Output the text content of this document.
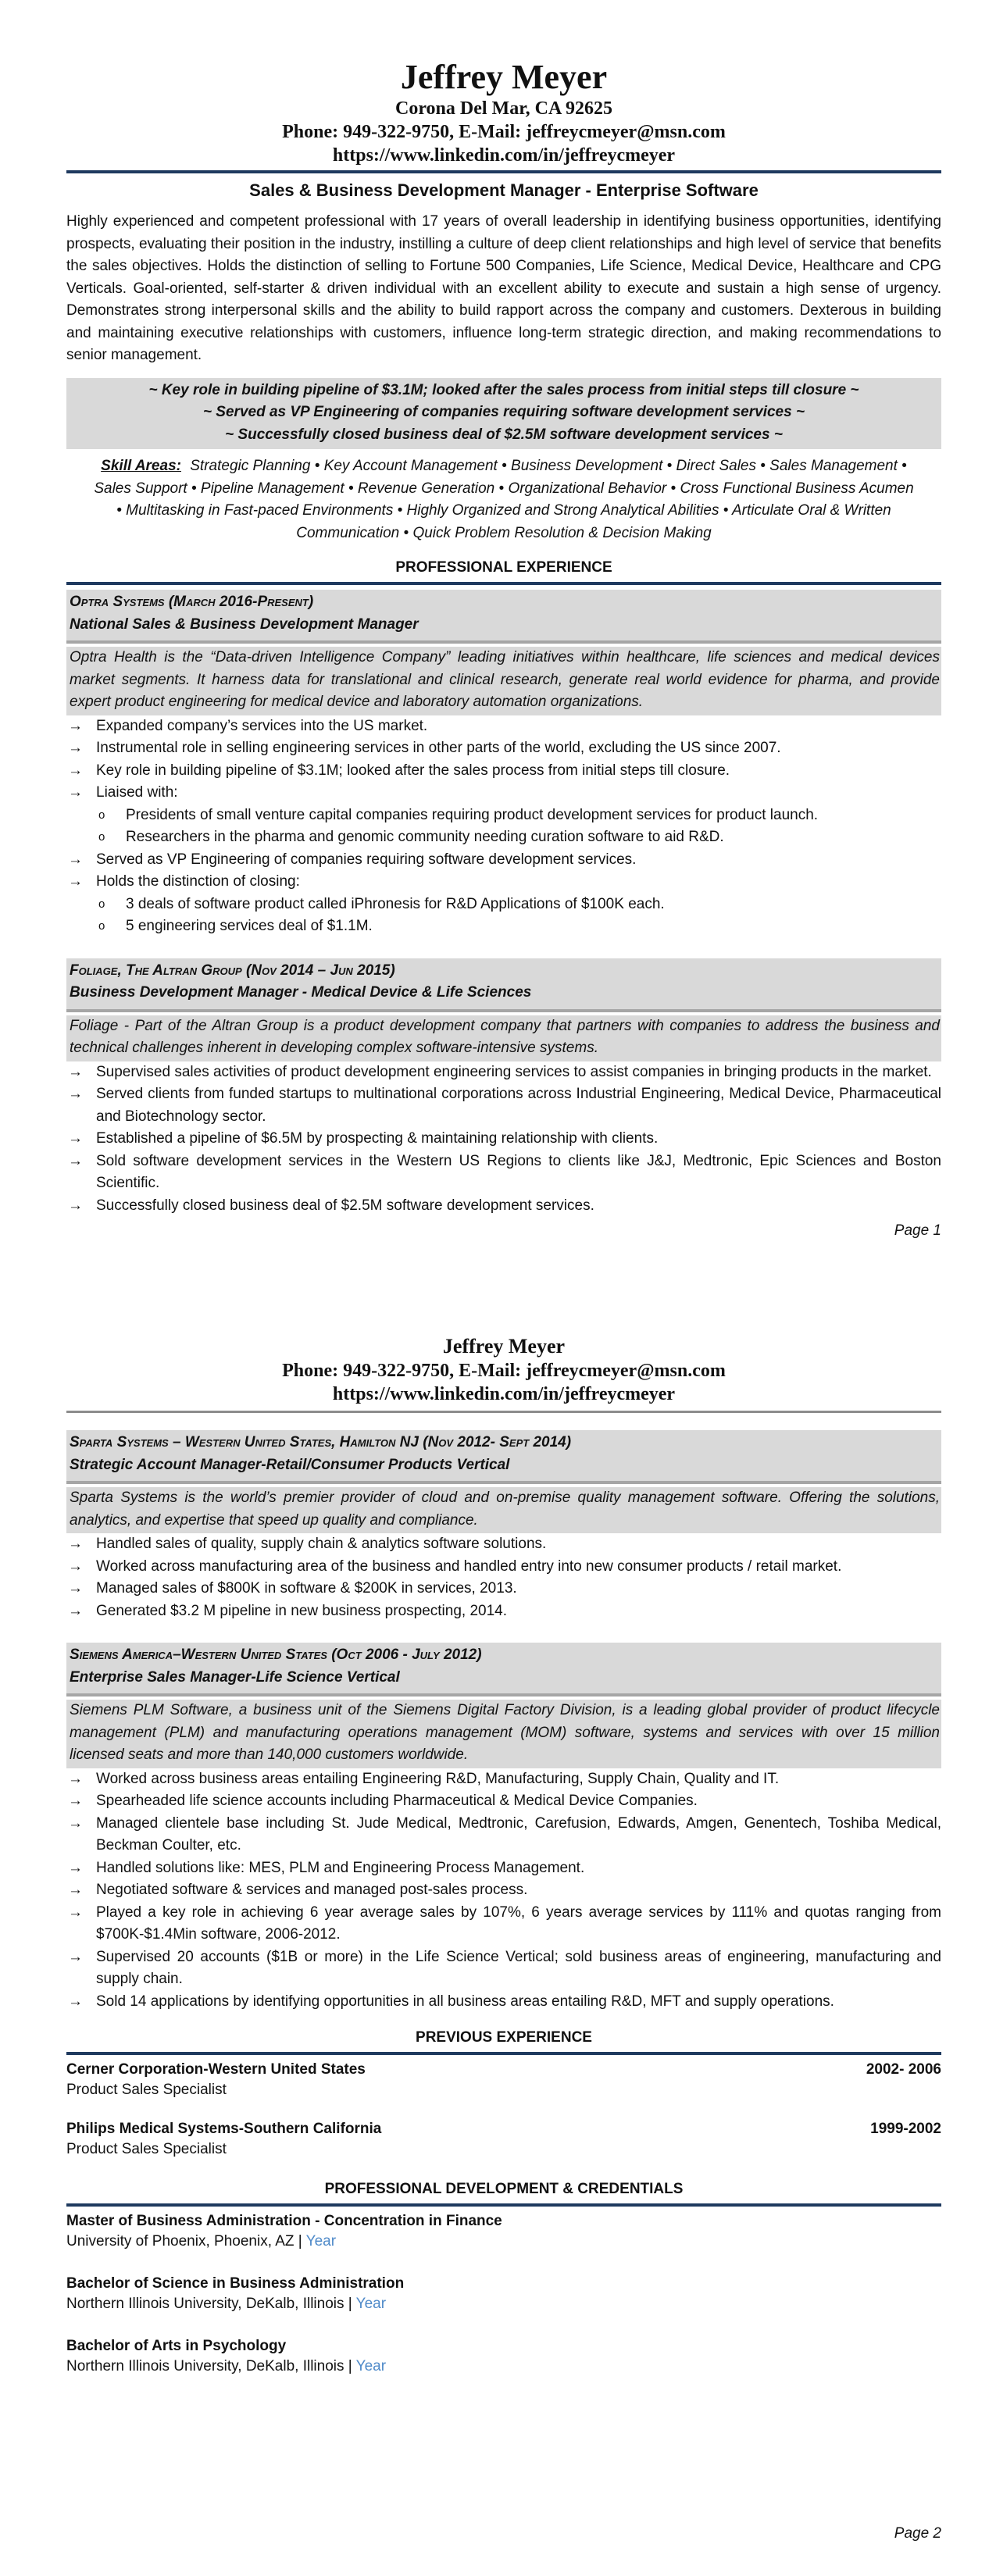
Jeffrey Meyer
Corona Del Mar, CA 92625
Phone: 949-322-9750, E-Mail: jeffreycmeyer@msn.com
https://www.linkedin.com/in/jeffreycmeyer
Sales & Business Development Manager - Enterprise Software
Highly experienced and competent professional with 17 years of overall leadership in identifying business opportunities, identifying prospects, evaluating their position in the industry, instilling a culture of deep client relationships and high level of service that benefits the sales objectives. Holds the distinction of selling to Fortune 500 Companies, Life Science, Medical Device, Healthcare and CPG Verticals. Goal-oriented, self-starter & driven individual with an excellent ability to execute and sustain a high sense of urgency. Demonstrates strong interpersonal skills and the ability to build rapport across the company and customers. Dexterous in building and maintaining executive relationships with customers, influence long-term strategic direction, and making recommendations to senior management.
~ Key role in building pipeline of $3.1M; looked after the sales process from initial steps till closure ~
~ Served as VP Engineering of companies requiring software development services ~
~ Successfully closed business deal of $2.5M software development services ~
Skill Areas: Strategic Planning • Key Account Management • Business Development • Direct Sales • Sales Management • Sales Support • Pipeline Management • Revenue Generation • Organizational Behavior • Cross Functional Business Acumen • Multitasking in Fast-paced Environments • Highly Organized and Strong Analytical Abilities • Articulate Oral & Written Communication • Quick Problem Resolution & Decision Making
PROFESSIONAL EXPERIENCE
Optra Systems (March 2016-Present)
National Sales & Business Development Manager
Optra Health is the “Data-driven Intelligence Company” leading initiatives within healthcare, life sciences and medical devices market segments. It harness data for translational and clinical research, generate real world evidence for pharma, and provide expert product engineering for medical device and laboratory automation organizations.
→ Expanded company’s services into the US market.
→ Instrumental role in selling engineering services in other parts of the world, excluding the US since 2007.
→ Key role in building pipeline of $3.1M; looked after the sales process from initial steps till closure.
→ Liaised with:
o Presidents of small venture capital companies requiring product development services for product launch.
o Researchers in the pharma and genomic community needing curation software to aid R&D.
→ Served as VP Engineering of companies requiring software development services.
→ Holds the distinction of closing:
o 3 deals of software product called iPhronesis for R&D Applications of $100K each.
o 5 engineering services deal of $1.1M.
Foliage, The Altran Group (Nov 2014 – Jun 2015)
Business Development Manager - Medical Device & Life Sciences
Foliage - Part of the Altran Group is a product development company that partners with companies to address the business and technical challenges inherent in developing complex software-intensive systems.
→ Supervised sales activities of product development engineering services to assist companies in bringing products in the market.
→ Served clients from funded startups to multinational corporations across Industrial Engineering, Medical Device, Pharmaceutical and Biotechnology sector.
→ Established a pipeline of $6.5M by prospecting & maintaining relationship with clients.
→ Sold software development services in the Western US Regions to clients like J&J, Medtronic, Epic Sciences and Boston Scientific.
→ Successfully closed business deal of $2.5M software development services.
Page 1
Jeffrey Meyer
Phone: 949-322-9750, E-Mail: jeffreycmeyer@msn.com
https://www.linkedin.com/in/jeffreycmeyer
Sparta Systems – Western United States, Hamilton NJ (Nov 2012- Sept 2014)
Strategic Account Manager-Retail/Consumer Products Vertical
Sparta Systems is the world’s premier provider of cloud and on-premise quality management software. Offering the solutions, analytics, and expertise that speed up quality and compliance.
→ Handled sales of quality, supply chain & analytics software solutions.
→ Worked across manufacturing area of the business and handled entry into new consumer products / retail market.
→ Managed sales of $800K in software & $200K in services, 2013.
→ Generated $3.2 M pipeline in new business prospecting, 2014.
Siemens America–Western United States (Oct 2006 - July 2012)
Enterprise Sales Manager-Life Science Vertical
Siemens PLM Software, a business unit of the Siemens Digital Factory Division, is a leading global provider of product lifecycle management (PLM) and manufacturing operations management (MOM) software, systems and services with over 15 million licensed seats and more than 140,000 customers worldwide.
→ Worked across business areas entailing Engineering R&D, Manufacturing, Supply Chain, Quality and IT.
→ Spearheaded life science accounts including Pharmaceutical & Medical Device Companies.
→ Managed clientele base including St. Jude Medical, Medtronic, Carefusion, Edwards, Amgen, Genentech, Toshiba Medical, Beckman Coulter, etc.
→ Handled solutions like: MES, PLM and Engineering Process Management.
→ Negotiated software & services and managed post-sales process.
→ Played a key role in achieving 6 year average sales by 107%, 6 years average services by 111% and quotas ranging from $700K-$1.4Min software, 2006-2012.
→ Supervised 20 accounts ($1B or more) in the Life Science Vertical; sold business areas of engineering, manufacturing and supply chain.
→ Sold 14 applications by identifying opportunities in all business areas entailing R&D, MFT and supply operations.
PREVIOUS EXPERIENCE
Cerner Corporation-Western United States	2002- 2006
Product Sales Specialist
Philips Medical Systems-Southern California	1999-2002
Product Sales Specialist
PROFESSIONAL DEVELOPMENT & CREDENTIALS
Master of Business Administration - Concentration in Finance
University of Phoenix, Phoenix, AZ | Year
Bachelor of Science in Business Administration
Northern Illinois University, DeKalb, Illinois | Year
Bachelor of Arts in Psychology
Northern Illinois University, DeKalb, Illinois | Year
Page 2
